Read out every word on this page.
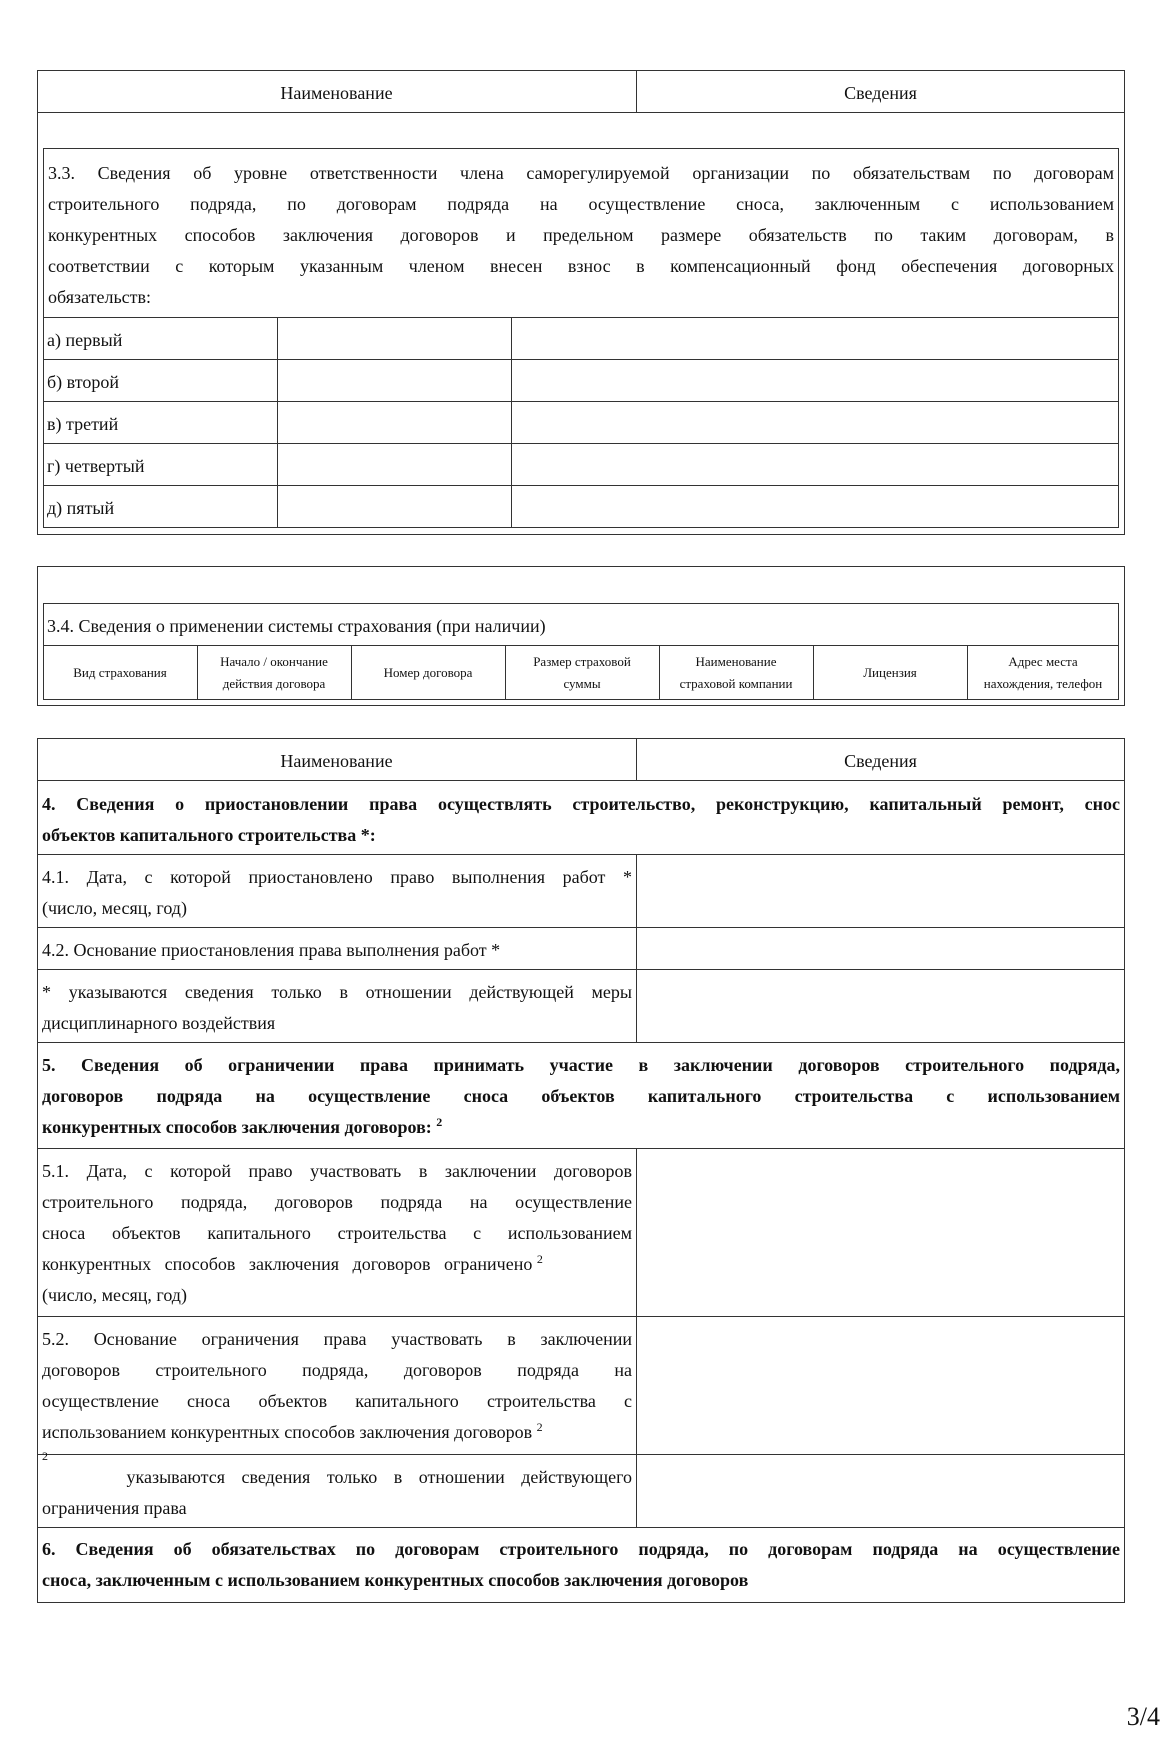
Наименование	Сведения
3.3. Сведения об уровне ответственности члена саморегулируемой организации по обязательствам по договорам
строительного подряда, по договорам подряда на осуществление сноса, заключенным с использованием
конкурентных способов заключения договоров и предельном размере обязательств по таким договорам, в
соответствии с которым указанным членом внесен взнос в компенсационный фонд обеспечения договорных
обязательств:
а) первый
б) второй
в) третий
г) четвертый
д) пятый
3.4. Сведения о применении системы страхования (при наличии)
Вид страхования
Начало / окончание
действия договора
Номер договора
Размер страховой
суммы
Наименование
страховой компании
Лицензия
Адрес места
нахождения, телефон
Наименование	Сведения
4. Сведения о приостановлении права осуществлять строительство, реконструкцию, капитальный ремонт, снос
объектов капитального строительства *:
4.1. Дата, с которой приостановлено право выполнения работ *
(число, месяц, год)
4.2. Основание приостановления права выполнения работ *
* указываются сведения только в отношении действующей меры
дисциплинарного воздействия
5. Сведения об ограничении права принимать участие в заключении договоров строительного подряда,
договоров подряда на осуществление сноса объектов капитального строительства с использованием
конкурентных способов заключения договоров: $^2$
5.1. Дата, с которой право участвовать в заключении договоров
строительного подряда, договоров подряда на осуществление
сноса объектов капитального строительства с использованием
конкурентных способов заключения договоров ограничено $^2$
(число, месяц, год)
5.2. Основание ограничения права участвовать в заключении
договоров строительного подряда, договоров подряда на
осуществление сноса объектов капитального строительства с
использованием конкурентных способов заключения договоров $^2$
$^2$
указываются сведения только в отношении действующего
ограничения права
6. Сведения об обязательствах по договорам строительного подряда, по договорам подряда на осуществление
сноса, заключенным с использованием конкурентных способов заключения договоров
3/4
